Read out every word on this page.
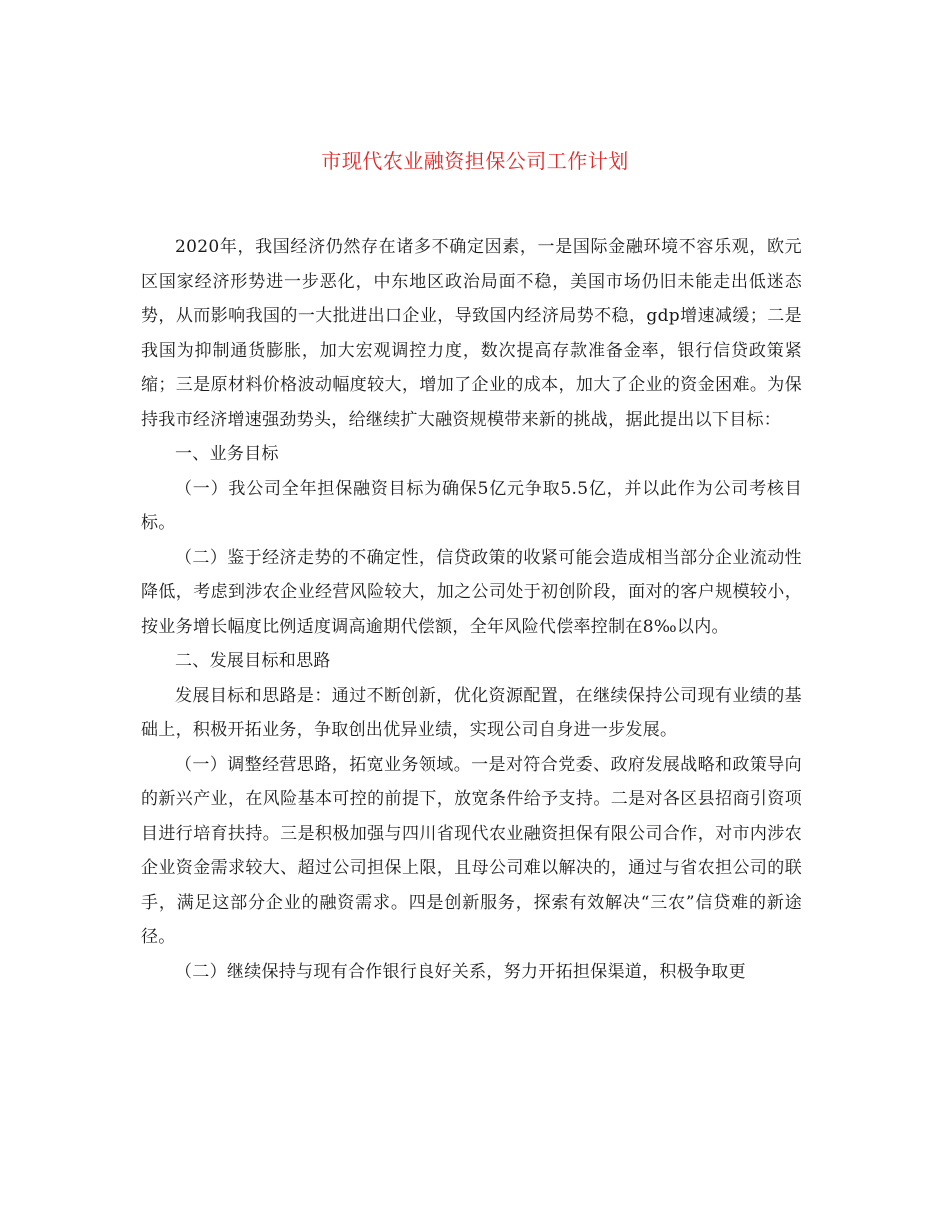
市现代农业融资担保公司工作计划

2020年，我国经济仍然存在诸多不确定因素，一是国际金融环境不容乐观，欧元区国家经济形势进一步恶化，中东地区政治局面不稳，美国市场仍旧未能走出低迷态势，从而影响我国的一大批进出口企业，导致国内经济局势不稳，gdp增速减缓；二是我国为抑制通货膨胀，加大宏观调控力度，数次提高存款准备金率，银行信贷政策紧缩；三是原材料价格波动幅度较大，增加了企业的成本，加大了企业的资金困难。为保持我市经济增速强劲势头，给继续扩大融资规模带来新的挑战，据此提出以下目标：

一、业务目标

（一）我公司全年担保融资目标为确保5亿元争取5.5亿，并以此作为公司考核目标。

（二）鉴于经济走势的不确定性，信贷政策的收紧可能会造成相当部分企业流动性降低，考虑到涉农企业经营风险较大，加之公司处于初创阶段，面对的客户规模较小，按业务增长幅度比例适度调高逾期代偿额，全年风险代偿率控制在8‰以内。

二、发展目标和思路

发展目标和思路是：通过不断创新，优化资源配置，在继续保持公司现有业绩的基础上，积极开拓业务，争取创出优异业绩，实现公司自身进一步发展。

（一）调整经营思路，拓宽业务领域。一是对符合党委、政府发展战略和政策导向的新兴产业，在风险基本可控的前提下，放宽条件给予支持。二是对各区县招商引资项目进行培育扶持。三是积极加强与四川省现代农业融资担保有限公司合作，对市内涉农企业资金需求较大、超过公司担保上限，且母公司难以解决的，通过与省农担公司的联手，满足这部分企业的融资需求。四是创新服务，探索有效解决“三农”信贷难的新途径。

（二）继续保持与现有合作银行良好关系，努力开拓担保渠道，积极争取更
